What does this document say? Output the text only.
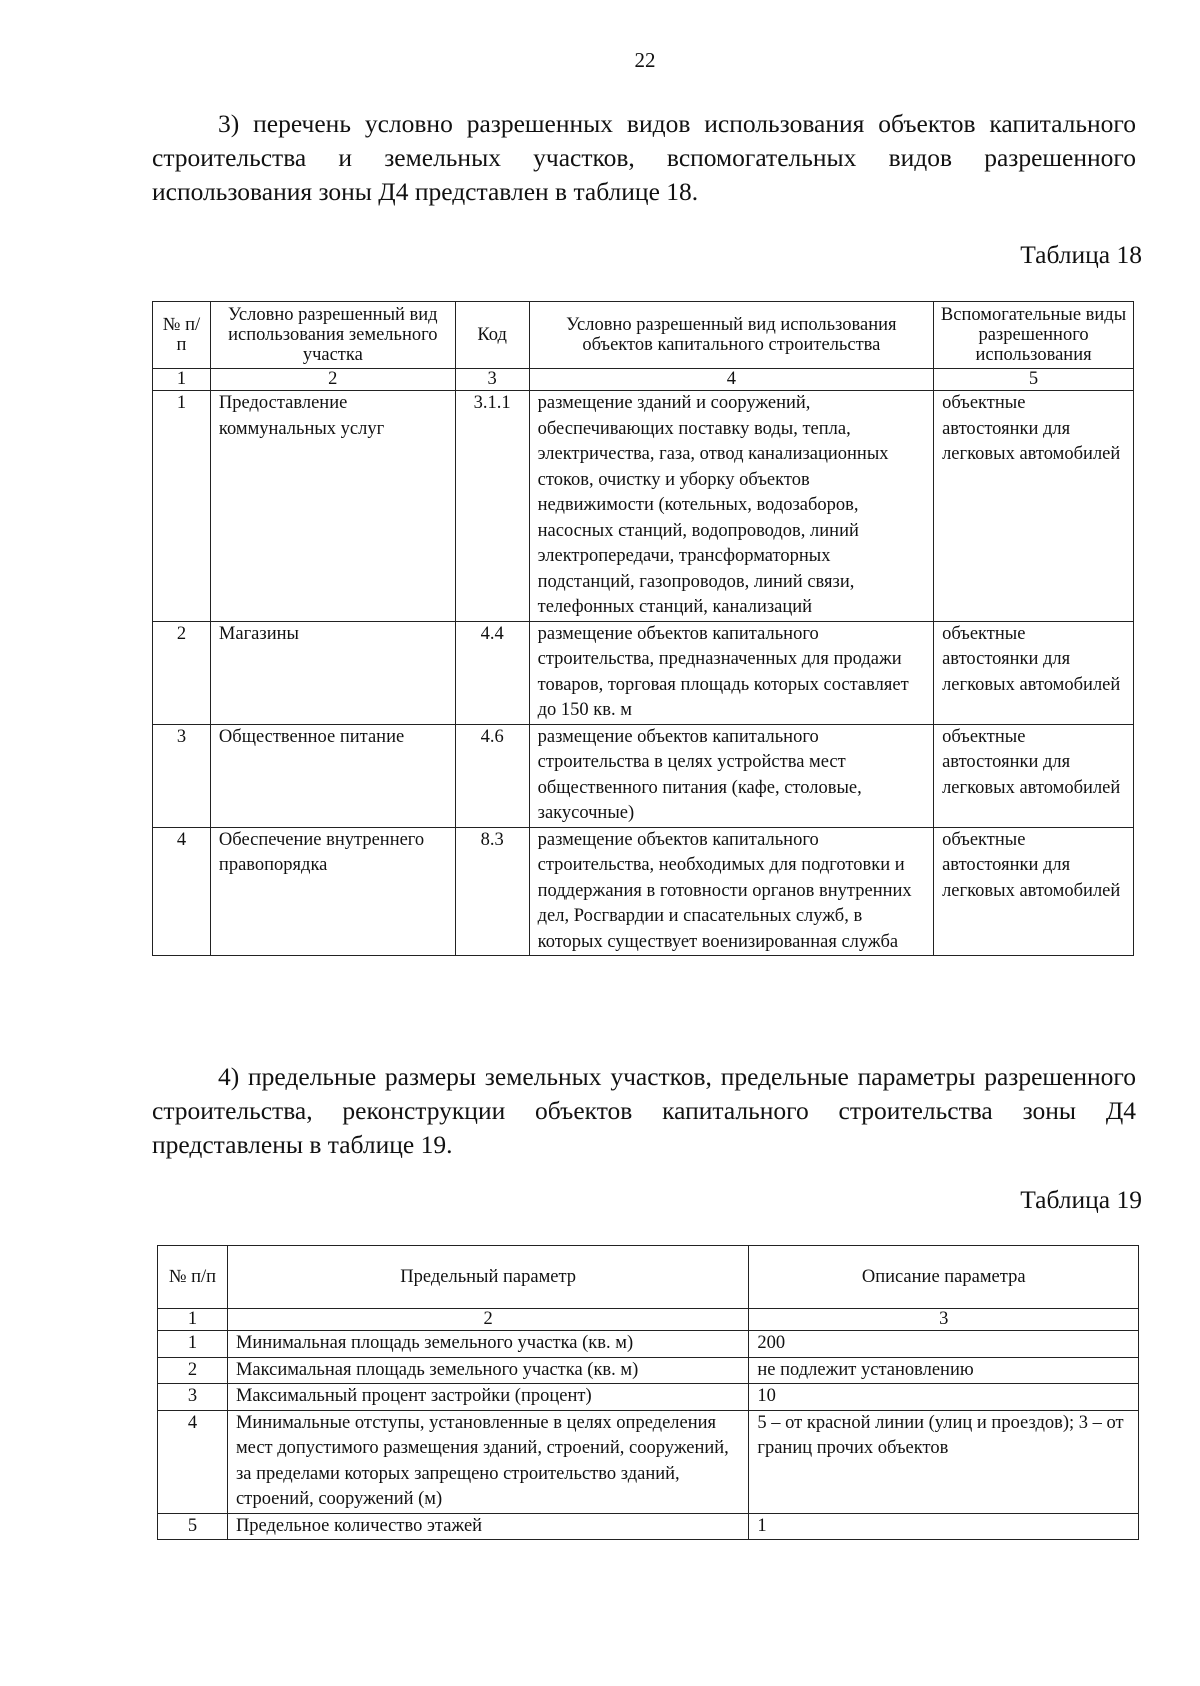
22
3) перечень условно разрешенных видов использования объектов капитального строительства и земельных участков, вспомогательных видов разрешенного использования зоны Д4 представлен в таблице 18.
Таблица 18
№ п/п	Условно разрешенный вид использования земельного участка	Код	Условно разрешенный вид использования объектов капитального строительства	Вспомогательные виды разрешенного использования
1	2	3	4	5
1	Предоставление коммунальных услуг	3.1.1	размещение зданий и сооружений, обеспечивающих поставку воды, тепла, электричества, газа, отвод канализационных стоков, очистку и уборку объектов недвижимости (котельных, водозаборов, насосных станций, водопроводов, линий электропередачи, трансформаторных подстанций, газопроводов, линий связи, телефонных станций, канализаций	объектные автостоянки для легковых автомобилей
2	Магазины	4.4	размещение объектов капитального строительства, предназначенных для продажи товаров, торговая площадь которых составляет до 150 кв. м	объектные автостоянки для легковых автомобилей
3	Общественное питание	4.6	размещение объектов капитального строительства в целях устройства мест общественного питания (кафе, столовые, закусочные)	объектные автостоянки для легковых автомобилей
4	Обеспечение внутреннего правопорядка	8.3	размещение объектов капитального строительства, необходимых для подготовки и поддержания в готовности органов внутренних дел, Росгвардии и спасательных служб, в которых существует военизированная служба	объектные автостоянки для легковых автомобилей
4) предельные размеры земельных участков, предельные параметры разрешенного строительства, реконструкции объектов капитального строительства зоны Д4 представлены в таблице 19.
Таблица 19
№ п/п	Предельный параметр	Описание параметра
1	2	3
1	Минимальная площадь земельного участка (кв. м)	200
2	Максимальная площадь земельного участка (кв. м)	не подлежит установлению
3	Максимальный процент застройки (процент)	10
4	Минимальные отступы, установленные в целях определения мест допустимого размещения зданий, строений, сооружений, за пределами которых запрещено строительство зданий, строений, сооружений (м)	5 – от красной линии (улиц и проездов); 3 – от границ прочих объектов
5	Предельное количество этажей	1
